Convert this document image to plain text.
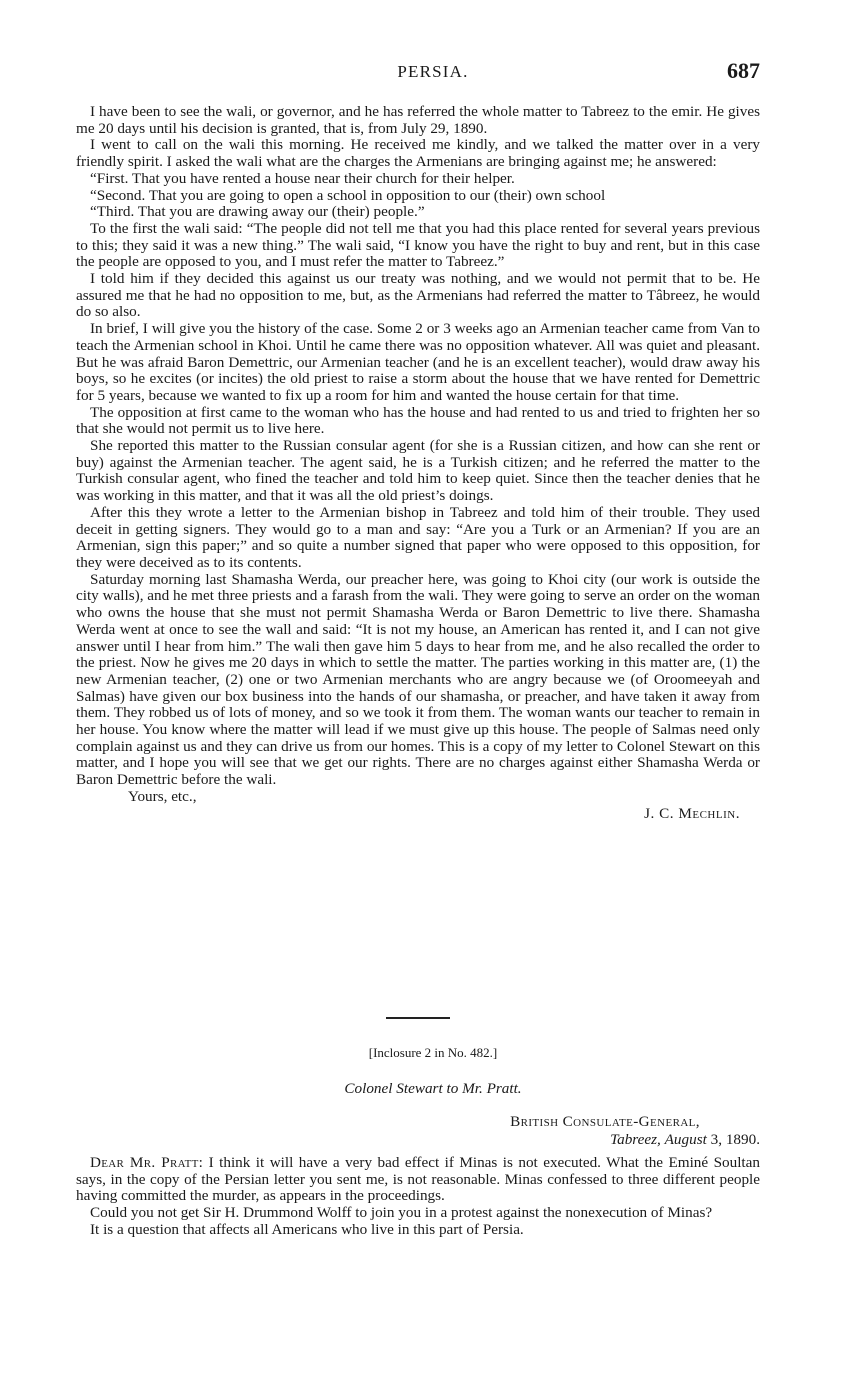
PERSIA.	687

I have been to see the wali, or governor, and he has referred the whole matter to Tabreez to the emir. He gives me 20 days until his decision is granted, that is, from July 29, 1890.

I went to call on the wali this morning. He received me kindly, and we talked the matter over in a very friendly spirit. I asked the wali what are the charges the Armenians are bringing against me; he answered:

“First. That you have rented a house near their church for their helper.

“Second. That you are going to open a school in opposition to our (their) own school

“Third. That you are drawing away our (their) people.”

To the first the wali said: “The people did not tell me that you had this place rented for several years previous to this; they said it was a new thing.” The wali said, “I know you have the right to buy and rent, but in this case the people are opposed to you, and I must refer the matter to Tabreez.”

I told him if they decided this against us our treaty was nothing, and we would not permit that to be. He assured me that he had no opposition to me, but, as the Armenians had referred the matter to Tâbreez, he would do so also.

In brief, I will give you the history of the case. Some 2 or 3 weeks ago an Armenian teacher came from Van to teach the Armenian school in Khoi. Until he came there was no opposition whatever. All was quiet and pleasant. But he was afraid Baron Demettric, our Armenian teacher (and he is an excellent teacher), would draw away his boys, so he excites (or incites) the old priest to raise a storm about the house that we have rented for Demettric for 5 years, because we wanted to fix up a room for him and wanted the house certain for that time.

The opposition at first came to the woman who has the house and had rented to us and tried to frighten her so that she would not permit us to live here.

She reported this matter to the Russian consular agent (for she is a Russian citizen, and how can she rent or buy) against the Armenian teacher. The agent said, he is a Turkish citizen; and he referred the matter to the Turkish consular agent, who fined the teacher and told him to keep quiet. Since then the teacher denies that he was working in this matter, and that it was all the old priest’s doings.

After this they wrote a letter to the Armenian bishop in Tabreez and told him of their trouble. They used deceit in getting signers. They would go to a man and say: “Are you a Turk or an Armenian? If you are an Armenian, sign this paper;” and so quite a number signed that paper who were opposed to this opposition, for they were deceived as to its contents.

Saturday morning last Shamasha Werda, our preacher here, was going to Khoi city (our work is outside the city walls), and he met three priests and a farash from the wali. They were going to serve an order on the woman who owns the house that she must not permit Shamasha Werda or Baron Demettric to live there. Shamasha Werda went at once to see the wall and said: “It is not my house, an American has rented it, and I can not give answer until I hear from him.” The wali then gave him 5 days to hear from me, and he also recalled the order to the priest. Now he gives me 20 days in which to settle the matter. The parties working in this matter are, (1) the new Armenian teacher, (2) one or two Armenian merchants who are angry because we (of Oroomeeyah and Salmas) have given our box business into the hands of our shamasha, or preacher, and have taken it away from them. They robbed us of lots of money, and so we took it from them. The woman wants our teacher to remain in her house. You know where the matter will lead if we must give up this house. The people of Salmas need only complain against us and they can drive us from our homes. This is a copy of my letter to Colonel Stewart on this matter, and I hope you will see that we get our rights. There are no charges against either Shamasha Werda or Baron Demettric before the wali.

Yours, etc.,
J. C. Mechlin.
[Inclosure 2 in No. 482.]
Colonel Stewart to Mr. Pratt.
British Consulate-General,
Tabreez, August 3, 1890.

Dear Mr. Pratt: I think it will have a very bad effect if Minas is not executed. What the Eminé Soultan says, in the copy of the Persian letter you sent me, is not reasonable. Minas confessed to three different people having committed the murder, as appears in the proceedings.

Could you not get Sir H. Drummond Wolff to join you in a protest against the nonexecution of Minas?

It is a question that affects all Americans who live in this part of Persia.
